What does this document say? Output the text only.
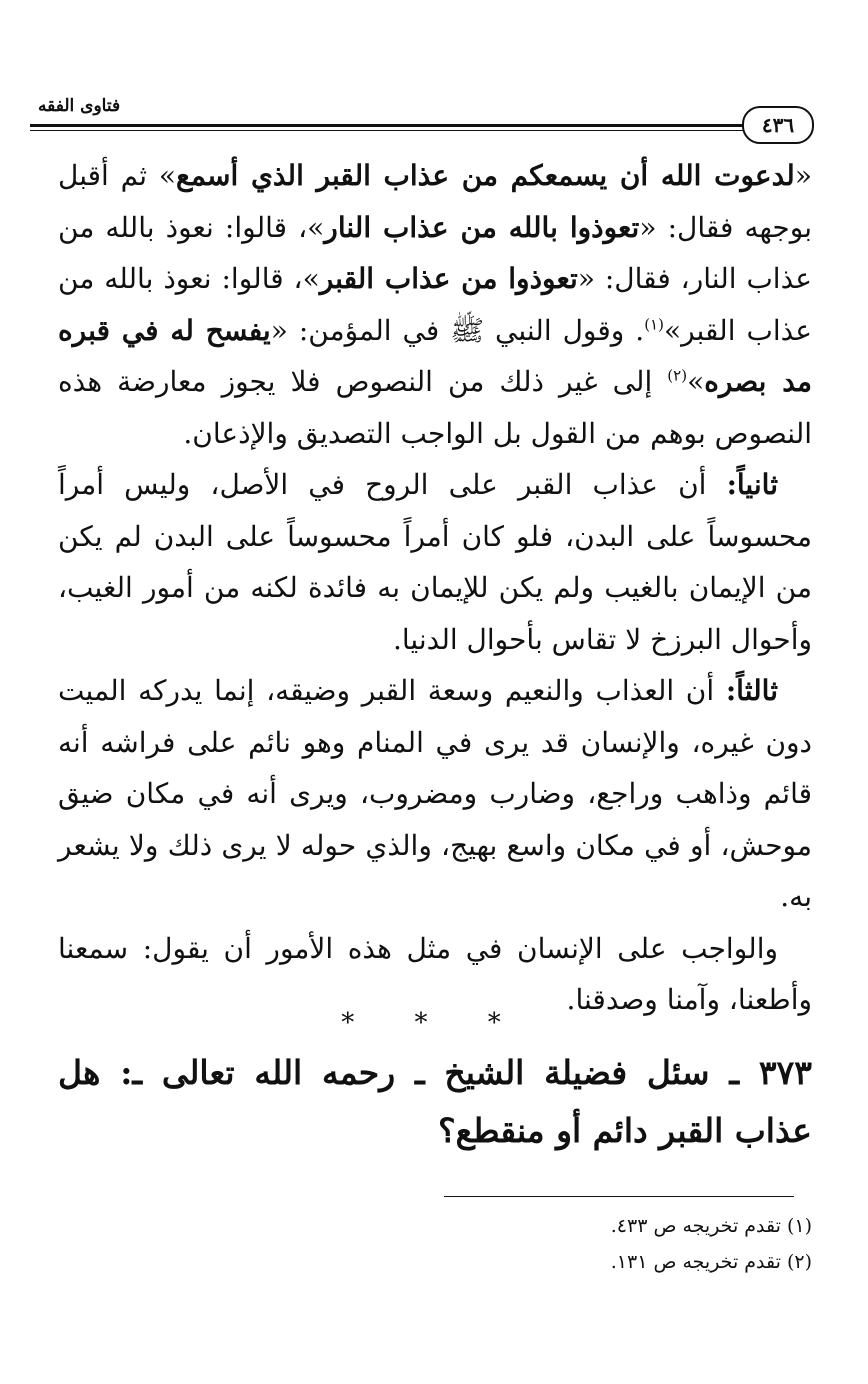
٤٣٦
فتاوى الفقه

«لدعوت الله أن يسمعكم من عذاب القبر الذي أسمع» ثم أقبل بوجهه فقال: «تعوذوا بالله من عذاب النار»، قالوا: نعوذ بالله من عذاب النار، فقال: «تعوذوا من عذاب القبر»، قالوا: نعوذ بالله من عذاب القبر»$^{(١)}$. وقول النبي ﷺ في المؤمن: «يفسح له في قبره مد بصره»$^{(٢)}$ إلى غير ذلك من النصوص فلا يجوز معارضة هذه النصوص بوهم من القول بل الواجب التصديق والإذعان.

ثانياً: أن عذاب القبر على الروح في الأصل، وليس أمراً محسوساً على البدن، فلو كان أمراً محسوساً على البدن لم يكن من الإيمان بالغيب ولم يكن للإيمان به فائدة لكنه من أمور الغيب، وأحوال البرزخ لا تقاس بأحوال الدنيا.

ثالثاً: أن العذاب والنعيم وسعة القبر وضيقه، إنما يدركه الميت دون غيره، والإنسان قد يرى في المنام وهو نائم على فراشه أنه قائم وذاهب وراجع، وضارب ومضروب، ويرى أنه في مكان ضيق موحش، أو في مكان واسع بهيج، والذي حوله لا يرى ذلك ولا يشعر به.

والواجب على الإنسان في مثل هذه الأمور أن يقول: سمعنا وأطعنا، وآمنا وصدقنا.

* * *
٣٧٣ ـ سئل فضيلة الشيخ ـ رحمه الله تعالى ـ: هل عذاب القبر دائم أو منقطع؟
(١) تقدم تخريجه ص ٤٣٣.
(٢) تقدم تخريجه ص ١٣١.
